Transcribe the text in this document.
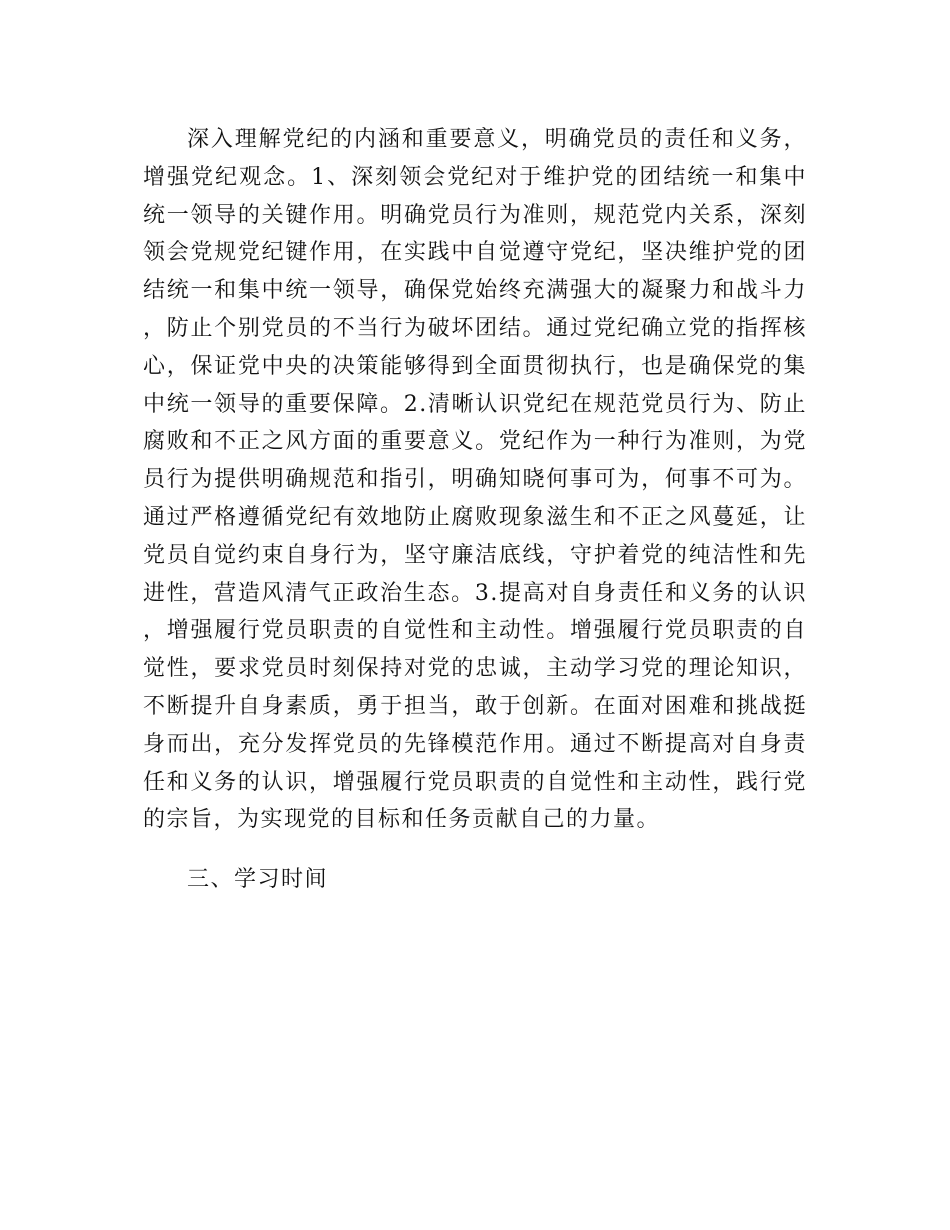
深入理解党纪的内涵和重要意义，明确党员的责任和义务，增强党纪观念。1、深刻领会党纪对于维护党的团结统一和集中统一领导的关键作用。明确党员行为准则，规范党内关系，深刻领会党规党纪键作用，在实践中自觉遵守党纪，坚决维护党的团结统一和集中统一领导，确保党始终充满强大的凝聚力和战斗力，防止个别党员的不当行为破坏团结。通过党纪确立党的指挥核心，保证党中央的决策能够得到全面贯彻执行，也是确保党的集中统一领导的重要保障。2.清晰认识党纪在规范党员行为、防止腐败和不正之风方面的重要意义。党纪作为一种行为准则，为党员行为提供明确规范和指引，明确知晓何事可为，何事不可为。通过严格遵循党纪有效地防止腐败现象滋生和不正之风蔓延，让党员自觉约束自身行为，坚守廉洁底线，守护着党的纯洁性和先进性，营造风清气正政治生态。3.提高对自身责任和义务的认识，增强履行党员职责的自觉性和主动性。增强履行党员职责的自觉性，要求党员时刻保持对党的忠诚，主动学习党的理论知识，不断提升自身素质，勇于担当，敢于创新。在面对困难和挑战挺身而出，充分发挥党员的先锋模范作用。通过不断提高对自身责任和义务的认识，增强履行党员职责的自觉性和主动性，践行党的宗旨，为实现党的目标和任务贡献自己的力量。

三、学习时间
